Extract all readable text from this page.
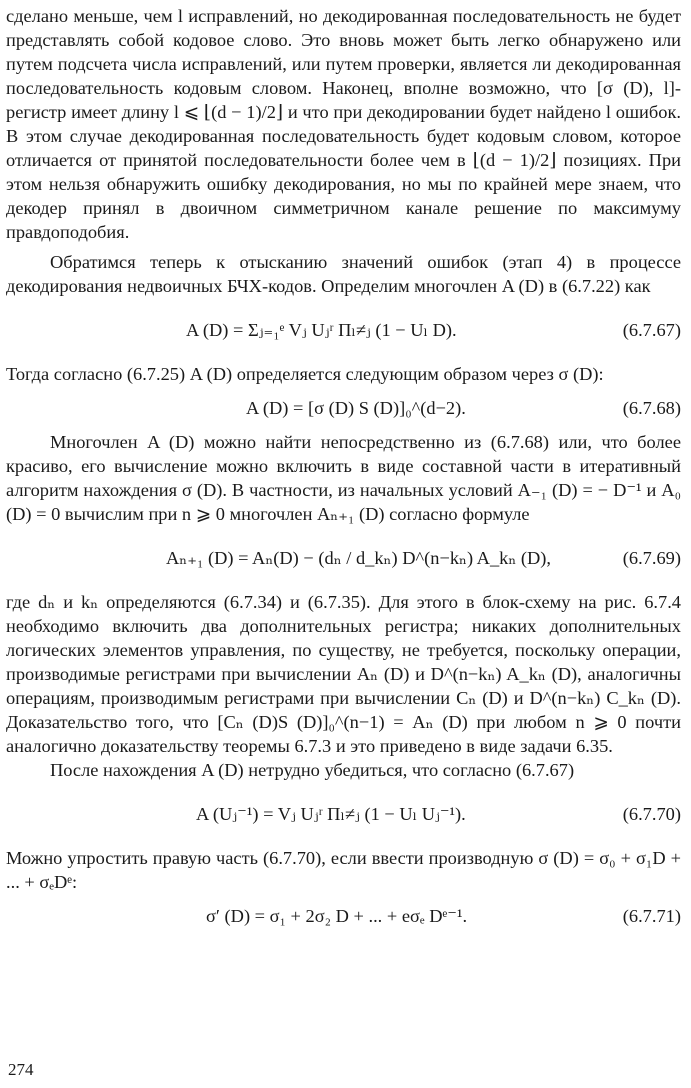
сделано меньше, чем l исправлений, но декодированная последовательность не будет представлять собой кодовое слово. Это вновь может быть легко обнаружено или путем подсчета числа исправлений, или путем проверки, является ли декодированная последовательность кодовым словом. Наконец, вполне возможно, что [σ (D), l]-регистр имеет длину l ⩽ ⌊(d − 1)/2⌋ и что при декодировании будет найдено l ошибок. В этом случае декодированная последовательность будет кодовым словом, которое отличается от принятой последовательности более чем в ⌊(d − 1)/2⌋ позициях. При этом нельзя обнаружить ошибку декодирования, но мы по крайней мере знаем, что декодер принял в двоичном симметричном канале решение по максимуму правдоподобия.

Обратимся теперь к отысканию значений ошибок (этап 4) в процессе декодирования недвоичных БЧХ-кодов. Определим многочлен A (D) в (6.7.22) как

A (D) = Σⱼ₌₁ᵉ Vⱼ Uⱼʳ Πₗ≠ⱼ (1 − Uₗ D).	(6.7.67)

Тогда согласно (6.7.25) A (D) определяется следующим образом через σ (D):

A (D) = [σ (D) S (D)]₀^(d−2).	(6.7.68)

Многочлен A (D) можно найти непосредственно из (6.7.68) или, что более красиво, его вычисление можно включить в виде составной части в итеративный алгоритм нахождения σ (D). В частности, из начальных условий A₋₁ (D) = − D⁻¹ и A₀ (D) = 0 вычислим при n ⩾ 0 многочлен Aₙ₊₁ (D) согласно формуле

Aₙ₊₁ (D) = Aₙ(D) − (dₙ / d_kₙ) D^(n−kₙ) A_kₙ (D),	(6.7.69)

где dₙ и kₙ определяются (6.7.34) и (6.7.35). Для этого в блок-схему на рис. 6.7.4 необходимо включить два дополнительных регистра; никаких дополнительных логических элементов управления, по существу, не требуется, поскольку операции, производимые регистрами при вычислении Aₙ (D) и D^(n−kₙ) A_kₙ (D), аналогичны операциям, производимым регистрами при вычислении Cₙ (D) и D^(n−kₙ) C_kₙ (D). Доказательство того, что [Cₙ (D)S (D)]₀^(n−1) = Aₙ (D) при любом n ⩾ 0 почти аналогично доказательству теоремы 6.7.3 и это приведено в виде задачи 6.35.

После нахождения A (D) нетрудно убедиться, что согласно (6.7.67)

A (Uⱼ⁻¹) = Vⱼ Uⱼʳ Πₗ≠ⱼ (1 − Uₗ Uⱼ⁻¹).	(6.7.70)

Можно упростить правую часть (6.7.70), если ввести производную σ (D) = σ₀ + σ₁D + ... + σₑDᵉ:

σ′ (D) = σ₁ + 2σ₂ D + ... + eσₑ Dᵉ⁻¹.	(6.7.71)
274
